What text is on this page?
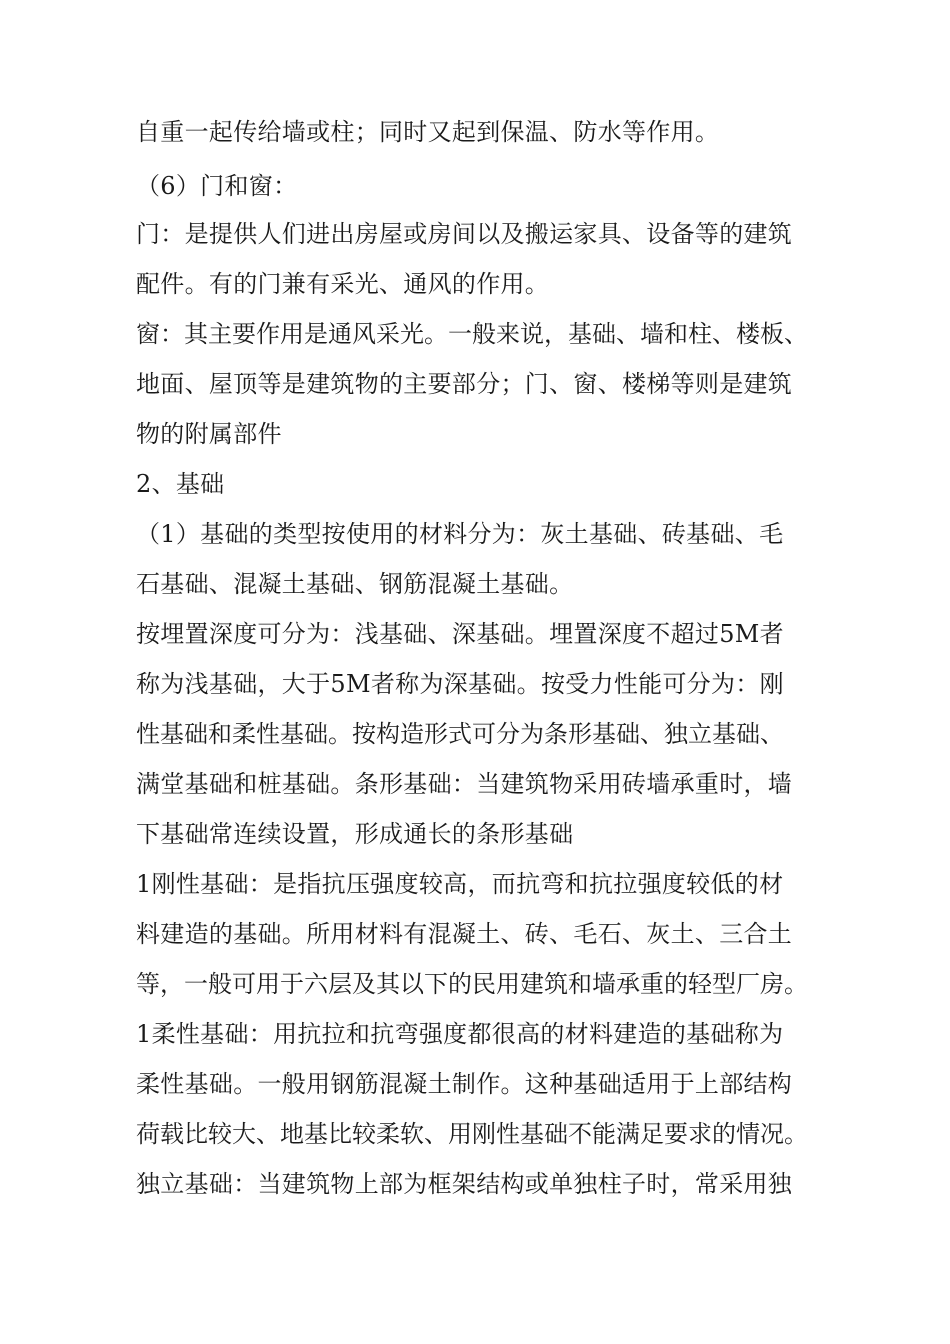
自重一起传给墙或柱；同时又起到保温、防水等作用。

（6）门和窗：

门：是提供人们进出房屋或房间以及搬运家具、设备等的建筑

配件。有的门兼有采光、通风的作用。

窗：其主要作用是通风采光。一般来说，基础、墙和柱、楼板、

地面、屋顶等是建筑物的主要部分；门、窗、楼梯等则是建筑

物的附属部件

2、基础

（1）基础的类型按使用的材料分为：灰土基础、砖基础、毛

石基础、混凝土基础、钢筋混凝土基础。

按埋置深度可分为：浅基础、深基础。埋置深度不超过5M者

称为浅基础，大于5M者称为深基础。按受力性能可分为：刚

性基础和柔性基础。按构造形式可分为条形基础、独立基础、

满堂基础和桩基础。条形基础：当建筑物采用砖墙承重时，墙

下基础常连续设置，形成通长的条形基础

1刚性基础：是指抗压强度较高，而抗弯和抗拉强度较低的材

料建造的基础。所用材料有混凝土、砖、毛石、灰土、三合土

等，一般可用于六层及其以下的民用建筑和墙承重的轻型厂房。

1柔性基础：用抗拉和抗弯强度都很高的材料建造的基础称为

柔性基础。一般用钢筋混凝土制作。这种基础适用于上部结构

荷载比较大、地基比较柔软、用刚性基础不能满足要求的情况。

独立基础：当建筑物上部为框架结构或单独柱子时，常采用独
